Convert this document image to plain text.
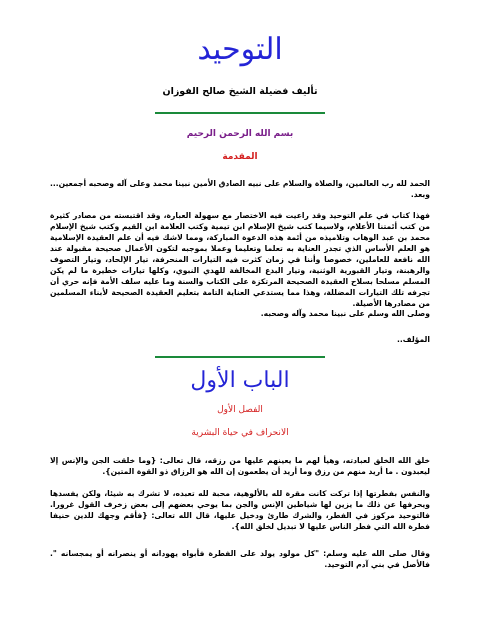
التوحيد
تأليف فضيلة الشيخ صالح الفوزان
بسم الله الرحمن الرحيم
المقدمة
الحمد لله رب العالمين، والصلاة والسلام على نبيه الصادق الأمين نبينا محمد وعلى آله وصحبه أجمعين... وبعد.
فهذا كتاب في علم التوحيد وقد راعيت فيه الاختصار مع سهولة العبارة، وقد اقتبسته من مصادر كثيرة من كتب أئمتنا الأعلام، ولاسيما كتب شيخ الإسلام ابن تيمية وكتب العلامة ابن القيم وكتب شيخ الإسلام محمد بن عبد الوهاب وتلاميذه من أئمة هذه الدعوة المباركة، ومما لاشك فيه أن علم العقيدة الإسلامية هو العلم الأساس الذي تجدر العناية به تعلما وتعليما وعملا بموجبه لتكون الأعمال صحيحة مقبولة عند الله نافعة للعاملين، خصوصا وأننا في زمان كثرت فيه التيارات المنحرفة، تيار الإلحاد، وتيار التصوف والرهبنة، وتيار القبورية الوثنية، وتيار البدع المخالفة للهدي النبوي، وكلها تيارات خطيرة ما لم يكن المسلم مسلحا بسلاح العقيدة الصحيحة المرتكزة على الكتاب والسنة وما عليه سلف الأمة فإنه حري أن تجرفه تلك التيارات المضللة، وهذا مما يستدعي العناية التامة بتعليم العقيدة الصحيحة لأبناء المسلمين من مصادرها الأصيلة.
وصلى الله وسلم على نبينا محمد وآله وصحبه.
المؤلف..
الباب الأول
الفصل الأول
الانحراف في حياة البشرية
خلق الله الخلق لعبادته، وهيأ لهم ما يعينهم عليها من رزقه، قال تعالى: {وما خلقت الجن والإنس إلا ليعبدون . ما أريد منهم من رزق وما أريد أن يطعمون إن الله هو الرزاق ذو القوة المتين}.
والنفس بفطرتها إذا تركت كانت مقرة لله بالألوهية، محبة لله تعبده، لا تشرك به شيئا، ولكن يفسدها ويحرفها عن ذلك ما يزين لها شياطين الإنس والجن بما يوحي بعضهم إلى بعض زخرف القول غرورا. فالتوحيد مركوز في الفطر، والشرك طارئ ودخيل عليها، قال الله تعالى: {فأقم وجهك للدين حنيفا فطرة الله التي فطر الناس عليها لا تبديل لخلق الله}.
وقال صلى الله عليه وسلم: "كل مولود يولد على الفطرة فأبواه يهودانه أو ينصرانه أو يمجسانه ". فالأصل في بني آدم التوحيد.
